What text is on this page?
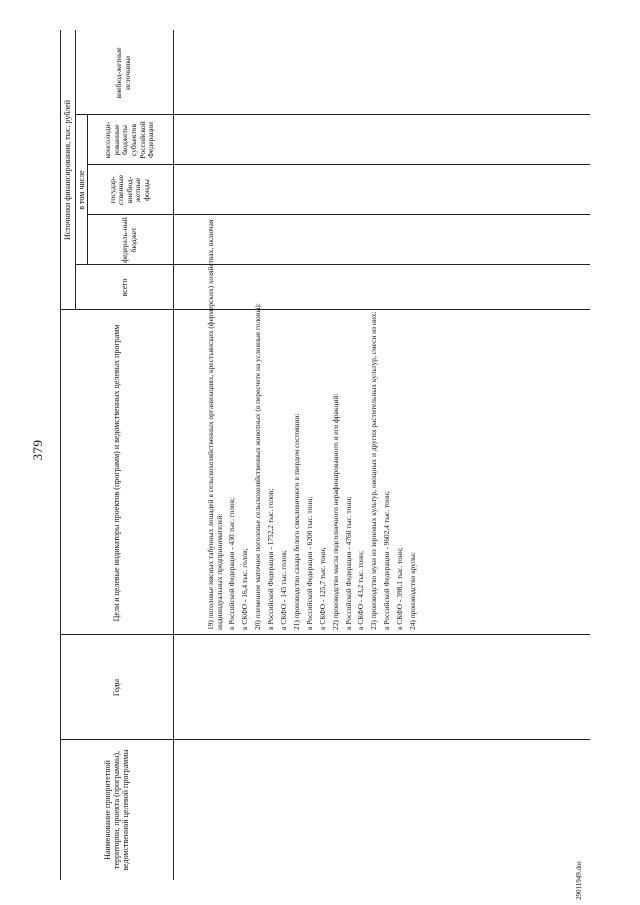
379
Наименование приоритетной территории, проекта (программы), ведомственной целевой программы
Годы
Цели и целевые индикаторы проектов (программ) и ведомственных целевых программ
Источники финансирования, тыс. рублей
всего
в том числе
федераль-ный бюджет
государ-ственные внебюд-жетные фонды
консолиди-рованные бюджеты субъектов Российской Федерации
внебюд-жетные источники

19) поголовье мясных табунных лошадей в сельскохозяйственных организациях, крестьянских (фермерских) хозяйствах, включая индивидуальных предпринимателей: в Российской Федерации - 430 тыс. голов; в СКФО - 16,4 тыс. голов; 20) племенное маточное поголовье сельскохозяйственных животных (в пересчете на условные головы): в Российской Федерации - 1752,2 тыс. голов; в СКФО - 145 тыс. голов; 21) производство сахара белого свекловичного в твердом состоянии: в Российской Федерации - 6200 тыс. тонн; в СКФО - 125,7 тыс. тонн; 22) производство масла подсолнечного нерафинированного и его фракций: в Российской Федерации - 4760 тыс. тонн; в СКФО - 43,2 тыс. тонн; 23) производство муки из зерновых культур, овощных и других растительных культур, смеси из них: в Российской Федерации - 9602,4 тыс. тонн; в СКФО - 398,1 тыс. тонн; 24) производство крупы:

29011949.doc
